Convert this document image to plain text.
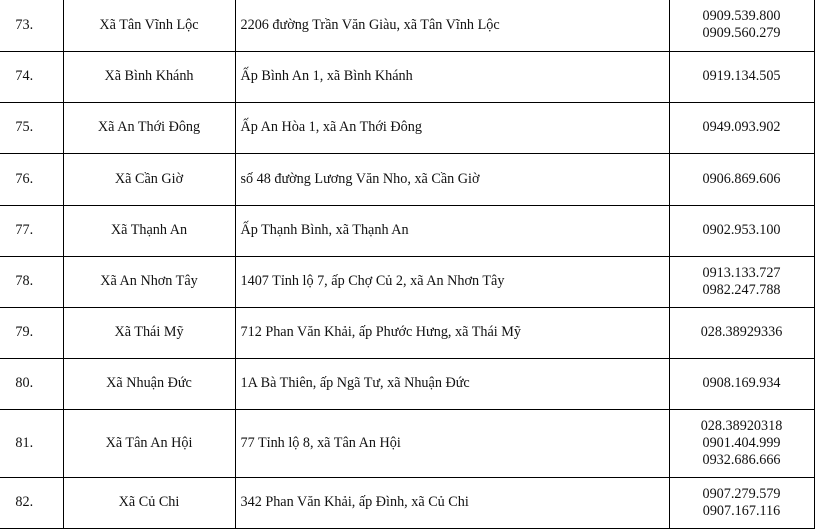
73.	Xã Tân Vĩnh Lộc	2206 đường Trần Văn Giàu, xã Tân Vĩnh Lộc	0909.539.800
0909.560.279

74.	Xã Bình Khánh	Ấp Bình An 1, xã Bình Khánh	0919.134.505

75.	Xã An Thới Đông	Ấp An Hòa 1, xã An Thới Đông	0949.093.902

76.	Xã Cần Giờ	số 48 đường Lương Văn Nho, xã Cần Giờ	0906.869.606

77.	Xã Thạnh An	Ấp Thạnh Bình, xã Thạnh An	0902.953.100

78.	Xã An Nhơn Tây	1407 Tỉnh lộ 7, ấp Chợ Củ 2, xã An Nhơn Tây	0913.133.727
0982.247.788

79.	Xã Thái Mỹ	712 Phan Văn Khải, ấp Phước Hưng, xã Thái Mỹ	028.38929336

80.	Xã Nhuận Đức	1A Bà Thiên, ấp Ngã Tư, xã Nhuận Đức	0908.169.934

81.	Xã Tân An Hội	77 Tỉnh lộ 8, xã Tân An Hội	028.38920318
0901.404.999
0932.686.666

82.	Xã Củ Chi	342 Phan Văn Khải, ấp Đình, xã Củ Chi	0907.279.579
0907.167.116
